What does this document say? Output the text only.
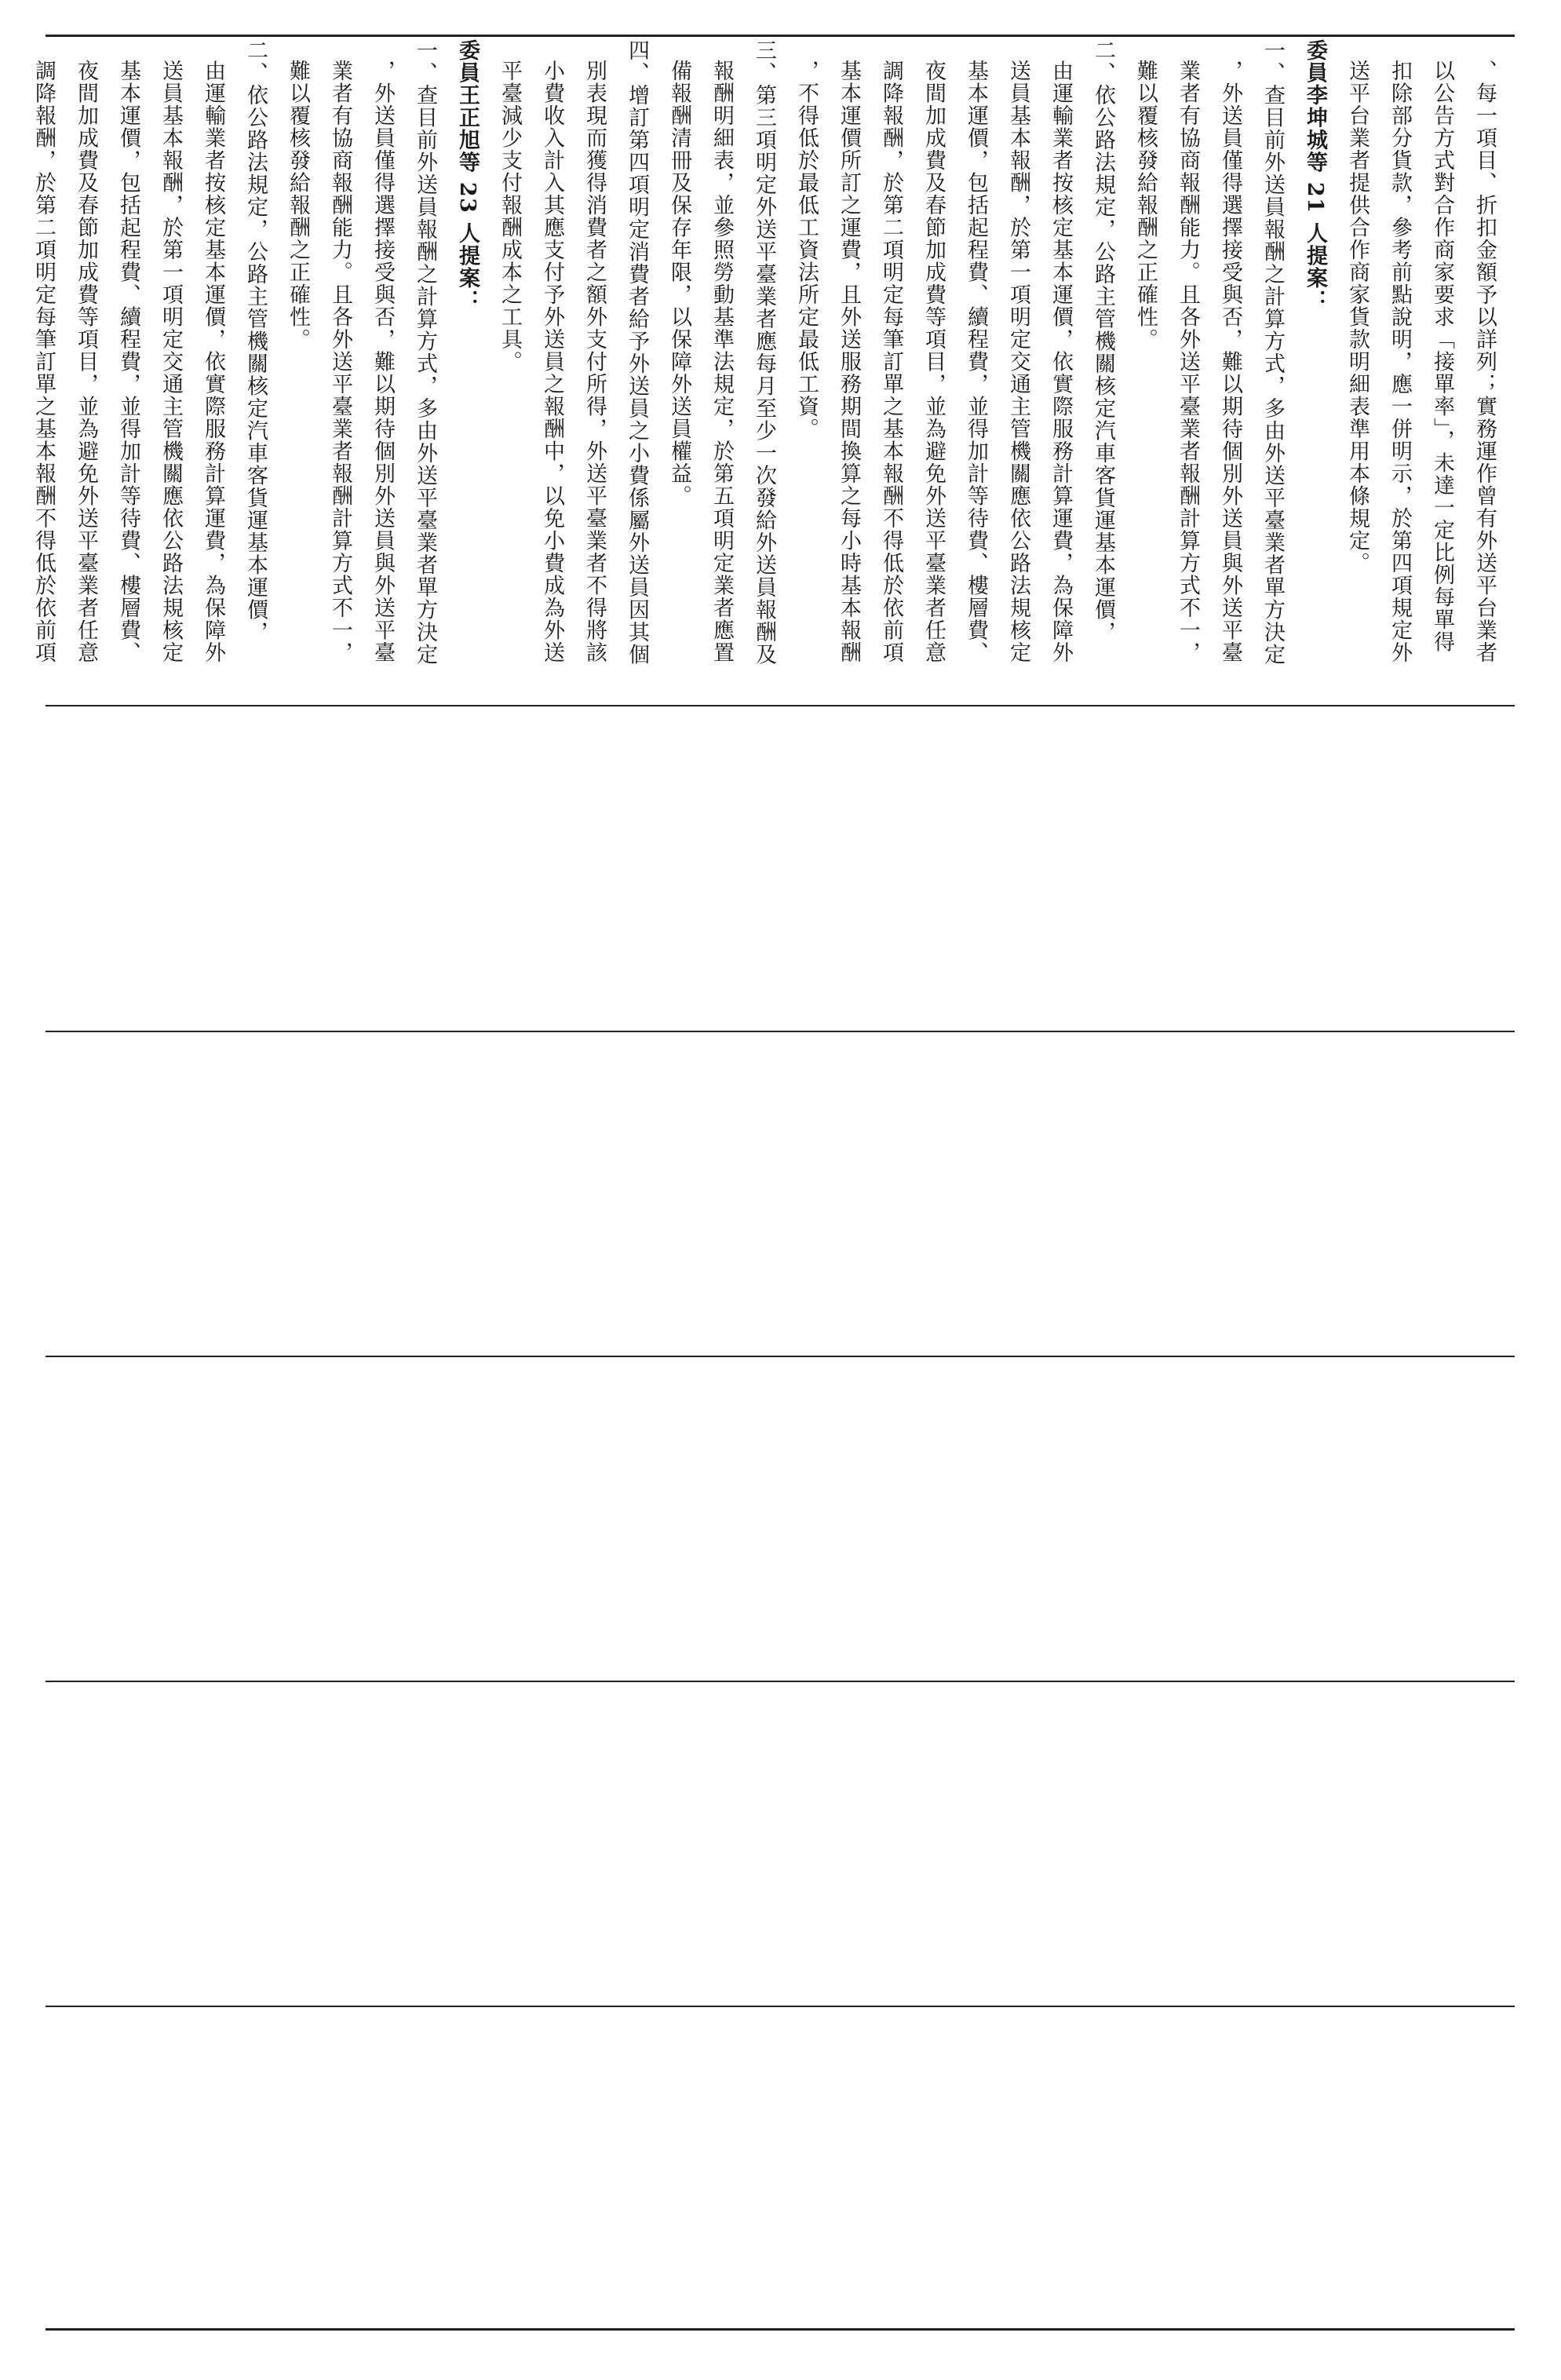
、每一項目、折扣金額予以詳列；實務運作曾有外送平台業者
以公告方式對合作商家要求「接單率」，未達一定比例每單得
扣除部分貨款，參考前點說明，應一併明示，於第四項規定外
送平台業者提供合作商家貨款明細表準用本條規定。
委員李坤城等 21 人提案：
一、查目前外送員報酬之計算方式，多由外送平臺業者單方決定
，外送員僅得選擇接受與否，難以期待個別外送員與外送平臺
業者有協商報酬能力。且各外送平臺業者報酬計算方式不一，
難以覆核發給報酬之正確性。
二、依公路法規定，公路主管機關核定汽車客貨運基本運價，
由運輸業者按核定基本運價，依實際服務計算運費，為保障外
送員基本報酬，於第一項明定交通主管機關應依公路法規核定
基本運價，包括起程費、續程費，並得加計等待費、樓層費、
夜間加成費及春節加成費等項目，並為避免外送平臺業者任意
調降報酬，於第二項明定每筆訂單之基本報酬不得低於依前項
基本運價所訂之運費，且外送服務期間換算之每小時基本報酬
，不得低於最低工資法所定最低工資。
三、第三項明定外送平臺業者應每月至少一次發給外送員報酬及
報酬明細表，並參照勞動基準法規定，於第五項明定業者應置
備報酬清冊及保存年限，以保障外送員權益。
四、增訂第四項明定消費者給予外送員之小費係屬外送員因其個
別表現而獲得消費者之額外支付所得，外送平臺業者不得將該
小費收入計入其應支付予外送員之報酬中，以免小費成為外送
平臺減少支付報酬成本之工具。
委員王正旭等 23 人提案：
一、查目前外送員報酬之計算方式，多由外送平臺業者單方決定
，外送員僅得選擇接受與否，難以期待個別外送員與外送平臺
業者有協商報酬能力。且各外送平臺業者報酬計算方式不一，
難以覆核發給報酬之正確性。
二、依公路法規定，公路主管機關核定汽車客貨運基本運價，
由運輸業者按核定基本運價，依實際服務計算運費，為保障外
送員基本報酬，於第一項明定交通主管機關應依公路法規核定
基本運價，包括起程費、續程費，並得加計等待費、樓層費、
夜間加成費及春節加成費等項目，並為避免外送平臺業者任意
調降報酬，於第二項明定每筆訂單之基本報酬不得低於依前項
